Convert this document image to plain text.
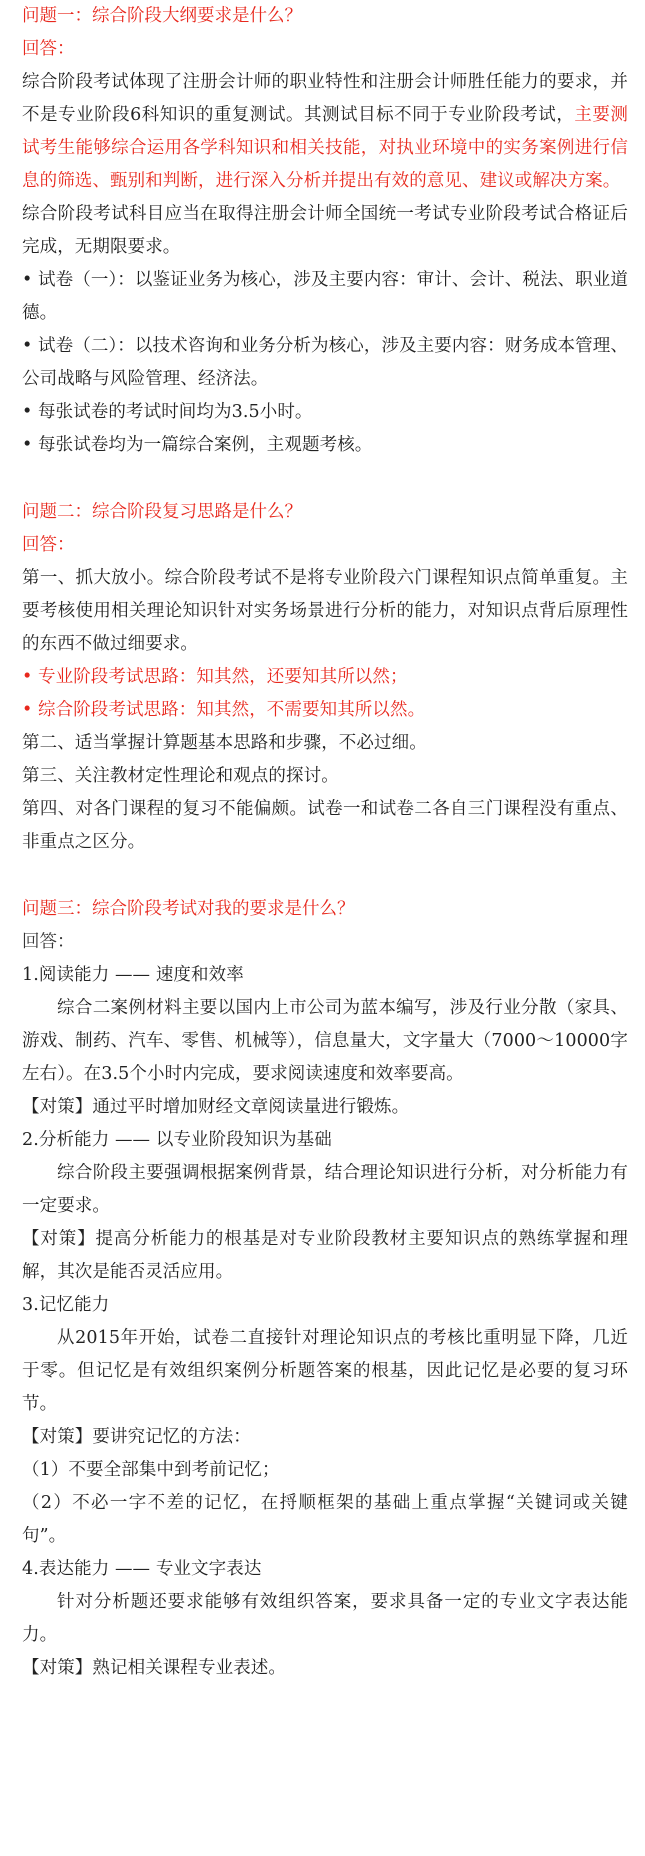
问题一：综合阶段大纲要求是什么？

回答：

综合阶段考试体现了注册会计师的职业特性和注册会计师胜任能力的要求，并不是专业阶段6科知识的重复测试。其测试目标不同于专业阶段考试，主要测试考生能够综合运用各学科知识和相关技能，对执业环境中的实务案例进行信息的筛选、甄别和判断，进行深入分析并提出有效的意见、建议或解决方案。

综合阶段考试科目应当在取得注册会计师全国统一考试专业阶段考试合格证后完成，无期限要求。

• 试卷（一）：以鉴证业务为核心，涉及主要内容：审计、会计、税法、职业道德。

• 试卷（二）：以技术咨询和业务分析为核心，涉及主要内容：财务成本管理、公司战略与风险管理、经济法。

• 每张试卷的考试时间均为3.5小时。

• 每张试卷均为一篇综合案例，主观题考核。

问题二：综合阶段复习思路是什么？

回答：

第一、抓大放小。综合阶段考试不是将专业阶段六门课程知识点简单重复。主要考核使用相关理论知识针对实务场景进行分析的能力，对知识点背后原理性的东西不做过细要求。

• 专业阶段考试思路：知其然，还要知其所以然；

• 综合阶段考试思路：知其然，不需要知其所以然。

第二、适当掌握计算题基本思路和步骤，不必过细。

第三、关注教材定性理论和观点的探讨。

第四、对各门课程的复习不能偏颇。试卷一和试卷二各自三门课程没有重点、非重点之区分。

问题三：综合阶段考试对我的要求是什么？

回答：

1.阅读能力 —— 速度和效率

综合二案例材料主要以国内上市公司为蓝本编写，涉及行业分散（家具、游戏、制药、汽车、零售、机械等），信息量大，文字量大（7000～10000字左右）。在3.5个小时内完成，要求阅读速度和效率要高。

【对策】通过平时增加财经文章阅读量进行锻炼。

2.分析能力 —— 以专业阶段知识为基础

综合阶段主要强调根据案例背景，结合理论知识进行分析，对分析能力有一定要求。

【对策】提高分析能力的根基是对专业阶段教材主要知识点的熟练掌握和理解，其次是能否灵活应用。

3.记忆能力

从2015年开始，试卷二直接针对理论知识点的考核比重明显下降，几近于零。但记忆是有效组织案例分析题答案的根基，因此记忆是必要的复习环节。

【对策】要讲究记忆的方法：

（1）不要全部集中到考前记忆；

（2）不必一字不差的记忆，在捋顺框架的基础上重点掌握“关键词或关键句”。

4.表达能力 —— 专业文字表达

针对分析题还要求能够有效组织答案，要求具备一定的专业文字表达能力。

【对策】熟记相关课程专业表述。
